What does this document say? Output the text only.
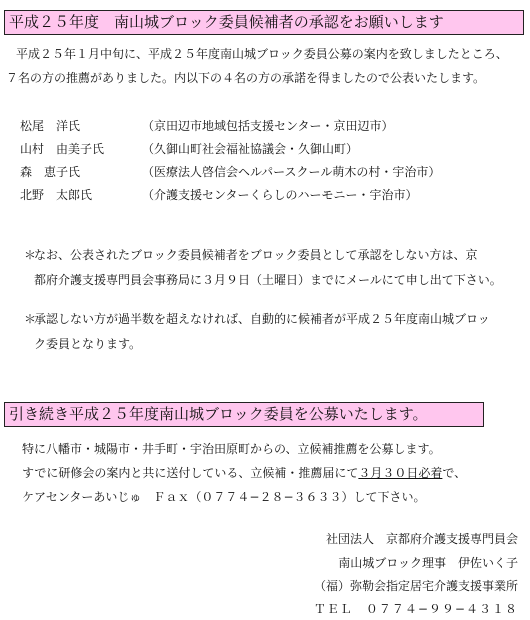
平成２５年度　南山城ブロック委員候補者の承認をお願いします
平成２５年１月中旬に、平成２５年度南山城ブロック委員公募の案内を致しましたところ、
７名の方の推薦がありました。内以下の４名の方の承諾を得ましたので公表いたします。
松尾　洋氏	（京田辺市地域包括支援センター・京田辺市）
山村　由美子氏	（久御山町社会福祉協議会・久御山町）
森　恵子氏	（医療法人啓信会ヘルパースクール萌木の村・宇治市）
北野　太郎氏	（介護支援センターくらしのハーモニー・宇治市）
＊
なお、公表されたブロック委員候補者をブロック委員として承認をしない方は、京
都府介護支援専門員会事務局に３月９日（土曜日）までにメールにて申し出て下さい。
＊
承認しない方が過半数を超えなければ、自動的に候補者が平成２５年度南山城ブロッ
ク委員となります。
引き続き平成２５年度南山城ブロック委員を公募いたします。
特に八幡市・城陽市・井手町・宇治田原町からの、立候補推薦を公募します。
すでに研修会の案内と共に送付している、立候補・推薦届にて３月３０日必着で、
ケアセンターあいじゅ　Ｆａｘ（０７７４−２８−３６３３）して下さい。
社団法人　京都府介護支援専門員会
南山城ブロック理事　伊佐いく子
（福）弥勒会指定居宅介護支援事業所
ＴＥＬ　０７７４−９９−４３１８
